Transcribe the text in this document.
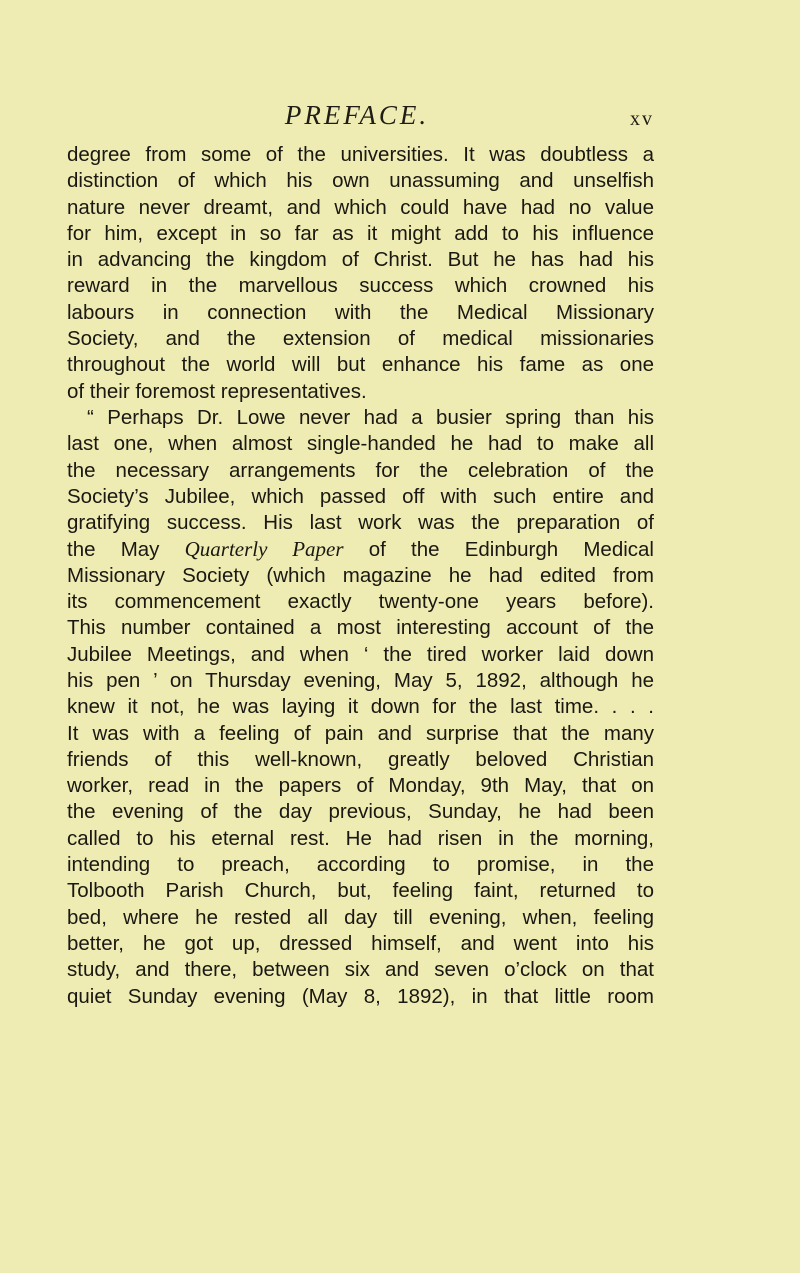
PREFACE.	xv
degree from some of the universities. It was doubtless a
distinction of which his own unassuming and unselfish
nature never dreamt, and which could have had no value
for him, except in so far as it might add to his influence
in advancing the kingdom of Christ. But he has had his
reward in the marvellous success which crowned his
labours in connection with the Medical Missionary
Society, and the extension of medical missionaries
throughout the world will but enhance his fame as one
of their foremost representatives.
“ Perhaps Dr. Lowe never had a busier spring than his
last one, when almost single-handed he had to make all
the necessary arrangements for the celebration of the
Society’s Jubilee, which passed off with such entire and
gratifying success. His last work was the preparation of
the May Quarterly Paper of the Edinburgh Medical
Missionary Society (which magazine he had edited from
its commencement exactly twenty-one years before).
This number contained a most interesting account of the
Jubilee Meetings, and when ‘ the tired worker laid down
his pen ’ on Thursday evening, May 5, 1892, although he
knew it not, he was laying it down for the last time. . . .
It was with a feeling of pain and surprise that the many
friends of this well-known, greatly beloved Christian
worker, read in the papers of Monday, 9th May, that on
the evening of the day previous, Sunday, he had been
called to his eternal rest. He had risen in the morning,
intending to preach, according to promise, in the
Tolbooth Parish Church, but, feeling faint, returned to
bed, where he rested all day till evening, when, feeling
better, he got up, dressed himself, and went into his
study, and there, between six and seven o’clock on that
quiet Sunday evening (May 8, 1892), in that little room
